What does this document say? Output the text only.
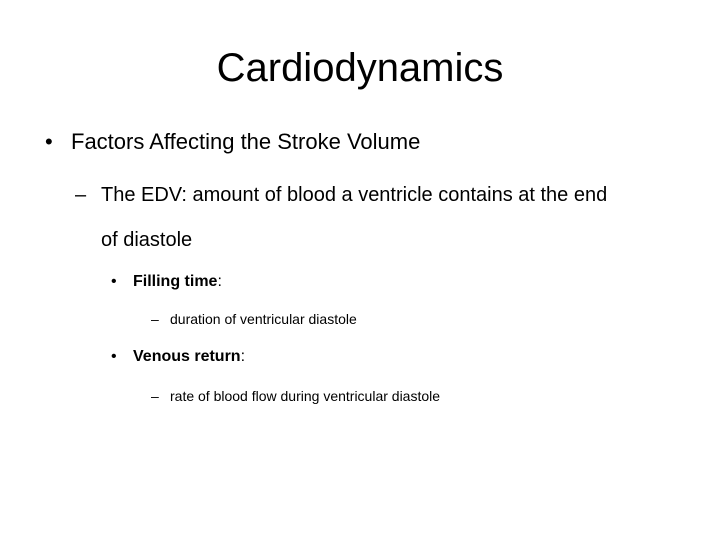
Cardiodynamics
• Factors Affecting the Stroke Volume
– The EDV: amount of blood a ventricle contains at the end
of diastole
• Filling time:
– duration of ventricular diastole
• Venous return:
– rate of blood flow during ventricular diastole
